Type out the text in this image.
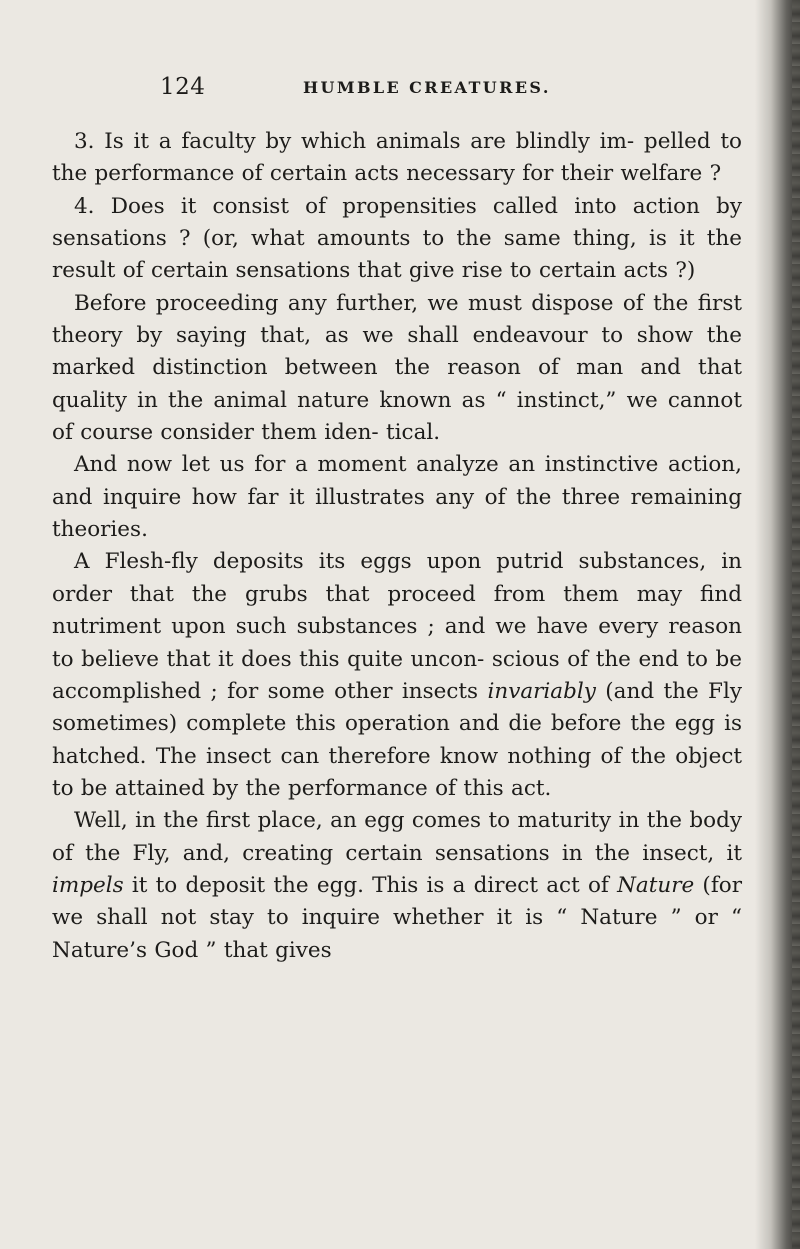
124	HUMBLE CREATURES.

3. Is it a faculty by which animals are blindly im- pelled to the performance of certain acts necessary for their welfare ?

4. Does it consist of propensities called into action by sensations ? (or, what amounts to the same thing, is it the result of certain sensations that give rise to certain acts ?)

Before proceeding any further, we must dispose of the first theory by saying that, as we shall endeavour to show the marked distinction between the reason of man and that quality in the animal nature known as “ instinct,” we cannot of course consider them iden- tical.

And now let us for a moment analyze an instinctive action, and inquire how far it illustrates any of the three remaining theories.

A Flesh-fly deposits its eggs upon putrid substances, in order that the grubs that proceed from them may find nutriment upon such substances ; and we have every reason to believe that it does this quite uncon- scious of the end to be accomplished ; for some other insects invariably (and the Fly sometimes) complete this operation and die before the egg is hatched. The insect can therefore know nothing of the object to be attained by the performance of this act.

Well, in the first place, an egg comes to maturity in the body of the Fly, and, creating certain sensations in the insect, it impels it to deposit the egg. This is a direct act of Nature (for we shall not stay to inquire whether it is “ Nature ” or “ Nature’s God ” that gives
